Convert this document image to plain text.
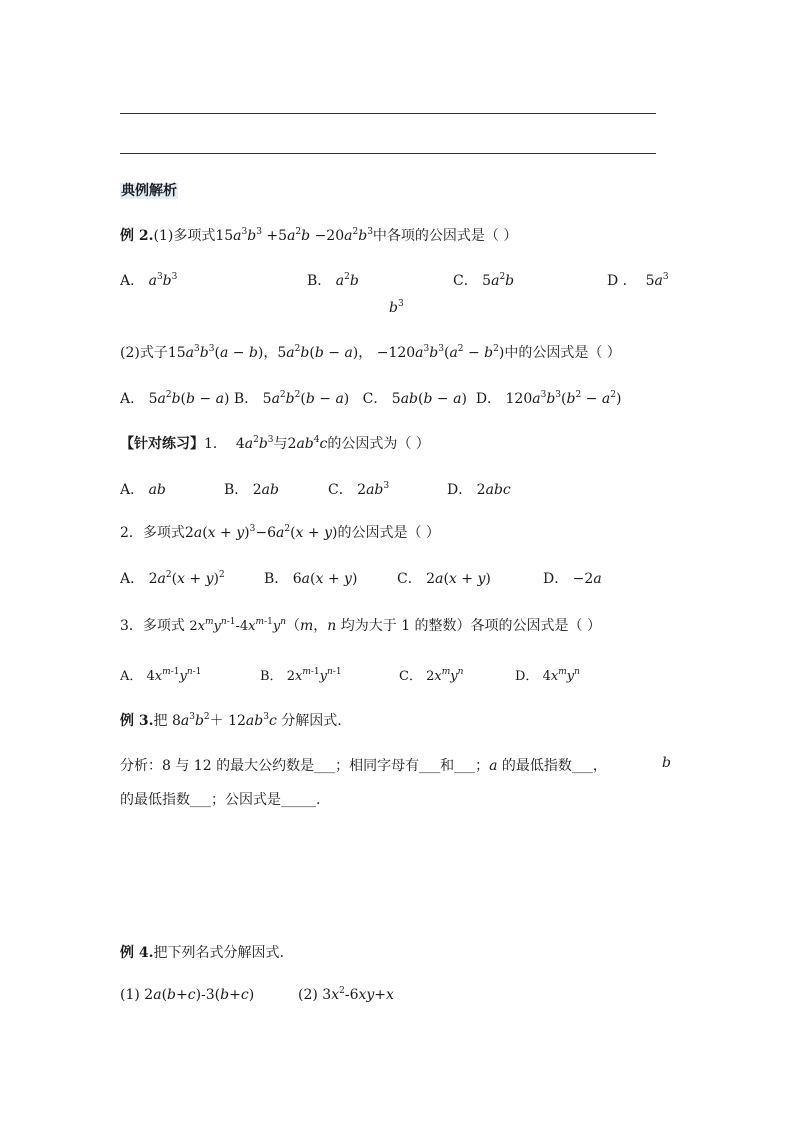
典例解析
例 2.(1)多项式$15a^3b^3 +5a^2b -20a^2b^3$中各项的公因式是（ ）
A． $a^3b^3$	B． $a^2b$	C． $5a^2b$	D ．  $5a^3$
$b^3$
(2)式子$15a^3b^3(a - b)$，$5a^2b(b - a)$， $-120a^3b^3(a^2 - b^2)$中的公因式是（ ）
A． $5a^2b(b - a)$ B． $5a^2b^2(b - a)$ C． 5ab(b − a) D． $120a^3b^3(b^2 - a^2)$
【针对练习】1．  $4a^2b^3$与$2ab^4c$的公因式为（ ）
A． ab	B． 2ab	C． $2ab^3$	D． 2abc
2．多项式$2a(x + y)^3-6a^2(x + y)$的公因式是（ ）
A． $2a^2(x + y)^2$	B． 6a(x + y)	C． 2a(x + y)	D． −2a
3．多项式 $2x^my^{n-1}-4x^{m-1}y^n(m$，n 均为大于 1 的整数）各项的公因式是（ ）
A． $4x^{m-1}y^{n-1}$	B． $2x^{m-1}y^{n-1}$	C． $2x^my^n$	D． $4x^my^n$
例 3.把 $8a^3b^2+ 12ab^3c$ 分解因式.
分析：8 与 12 的最大公约数是___；相同字母有___和___；a 的最低指数___，	b
的最低指数___；公因式是_____.
例 4.把下列名式分解因式.
(1) 2a(b+c)-3(b+c)	(2) $3x^2-6xy+x$
